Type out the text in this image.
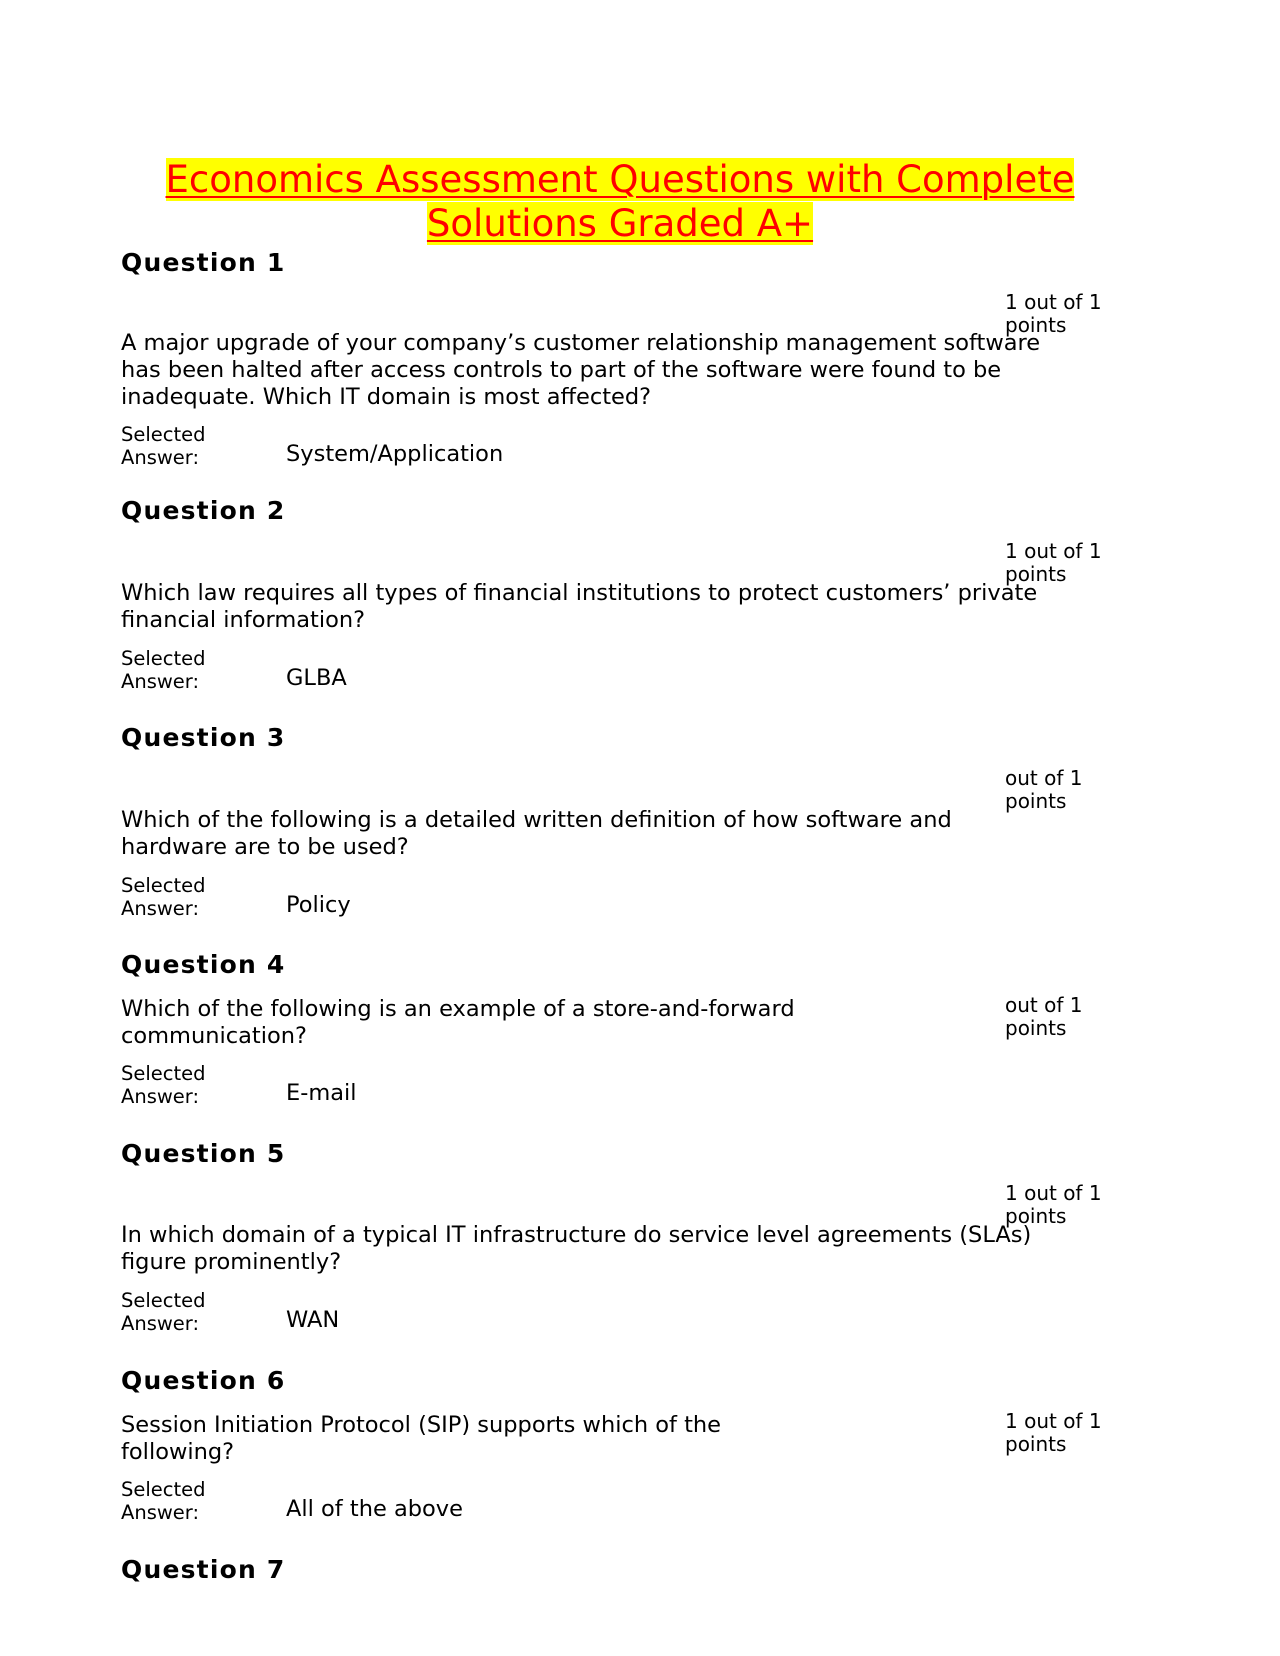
Economics Assessment Questions with Complete
Solutions Graded A+
Question 1
1 out of 1
points
A major upgrade of your company’s customer relationship management software
has been halted after access controls to part of the software were found to be
inadequate. Which IT domain is most affected?
Selected
Answer:	System/Application
Question 2
1 out of 1
points
Which law requires all types of financial institutions to protect customers’ private
financial information?
Selected
Answer:	GLBA
Question 3
out of 1
points
Which of the following is a detailed written definition of how software and
hardware are to be used?
Selected
Answer:	Policy
Question 4
out of 1
points
Which of the following is an example of a store-and-forward
communication?
Selected
Answer:	E-mail
Question 5
1 out of 1
points
In which domain of a typical IT infrastructure do service level agreements (SLAs)
figure prominently?
Selected
Answer:	WAN
Question 6
1 out of 1
points
Session Initiation Protocol (SIP) supports which of the
following?
Selected
Answer:	All of the above
Question 7
